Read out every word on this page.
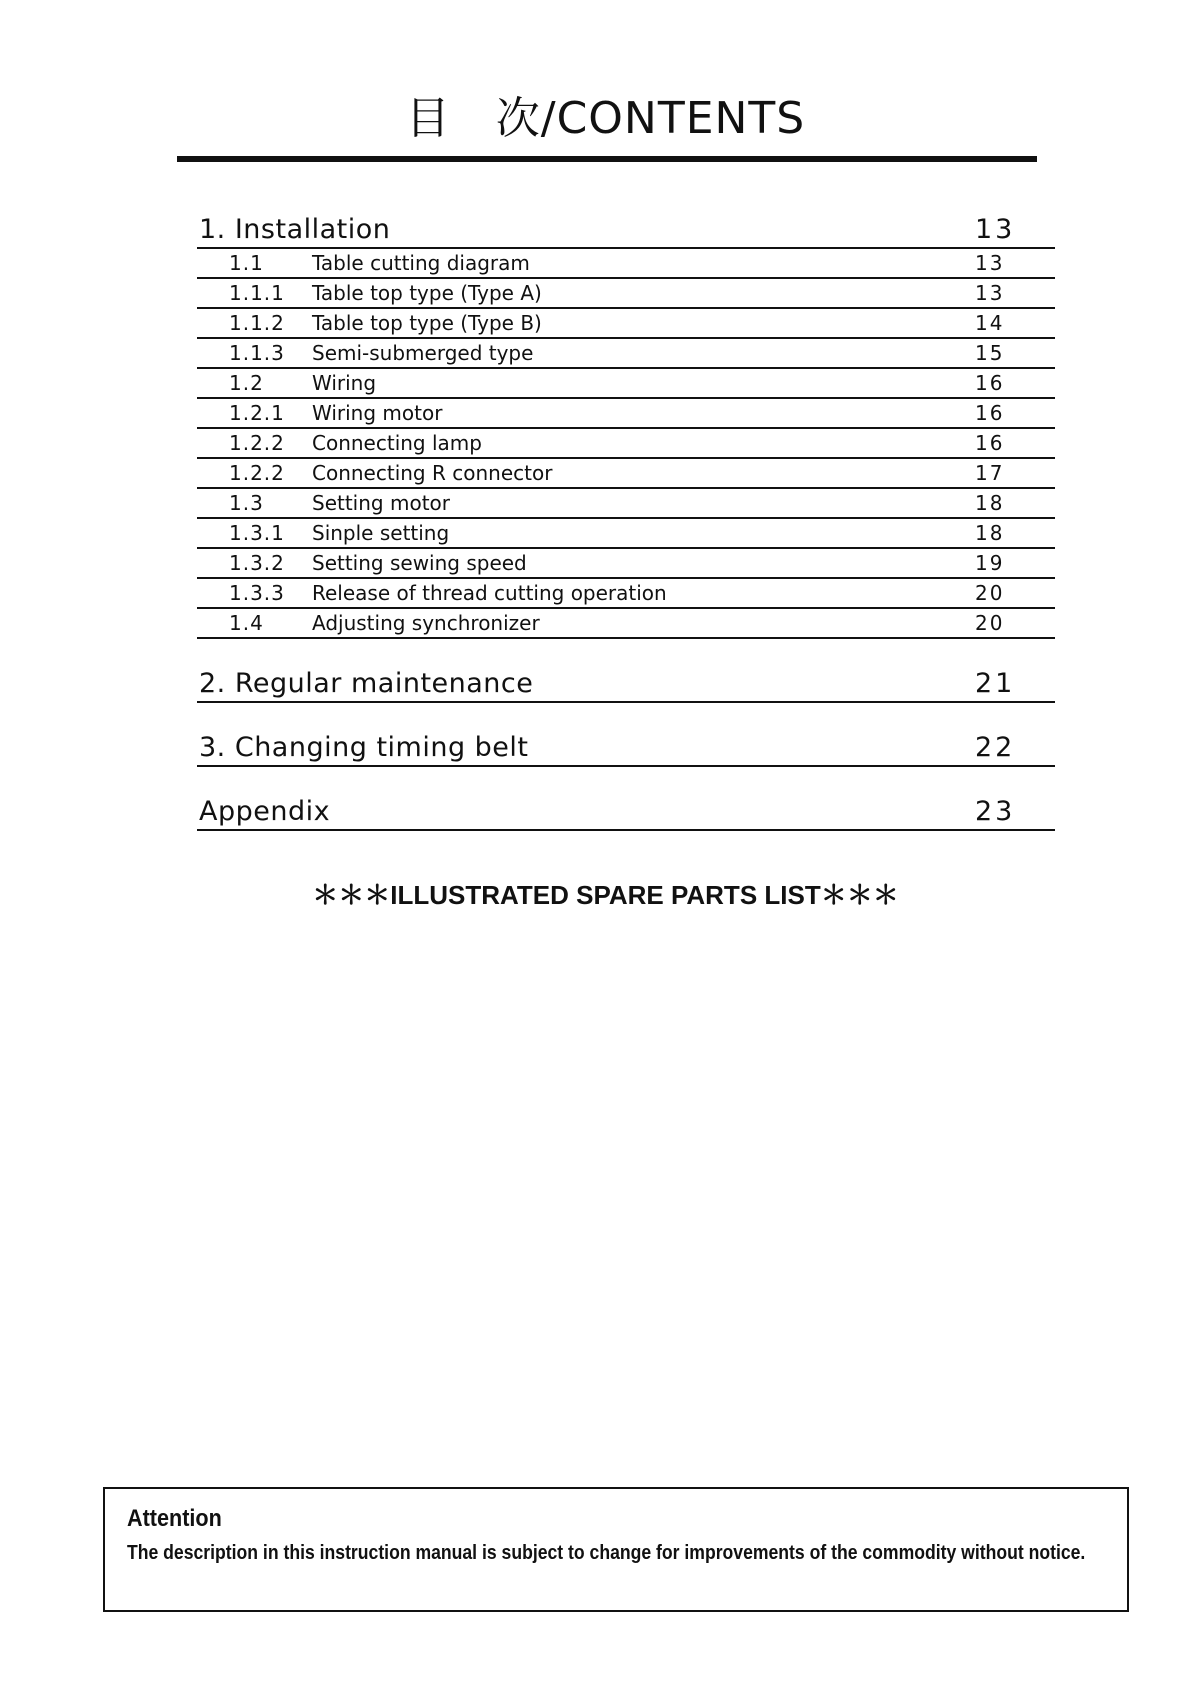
目　次/CONTENTS
1. Installation	13
1.1	Table cutting diagram	13
1.1.1	Table top type (Type A)	13
1.1.2	Table top type (Type B)	14
1.1.3	Semi-submerged type	15
1.2	Wiring	16
1.2.1	Wiring motor	16
1.2.2	Connecting lamp	16
1.2.2	Connecting R connector	17
1.3	Setting motor	18
1.3.1	Sinple setting	18
1.3.2	Setting sewing speed	19
1.3.3	Release of thread cutting operation	20
1.4	Adjusting synchronizer	20
2. Regular maintenance	21
3. Changing timing belt	22
Appendix	23
＊＊＊ILLUSTRATED SPARE PARTS LIST＊＊＊
Attention
The description in this instruction manual is subject to change for improvements of the commodity without notice.
